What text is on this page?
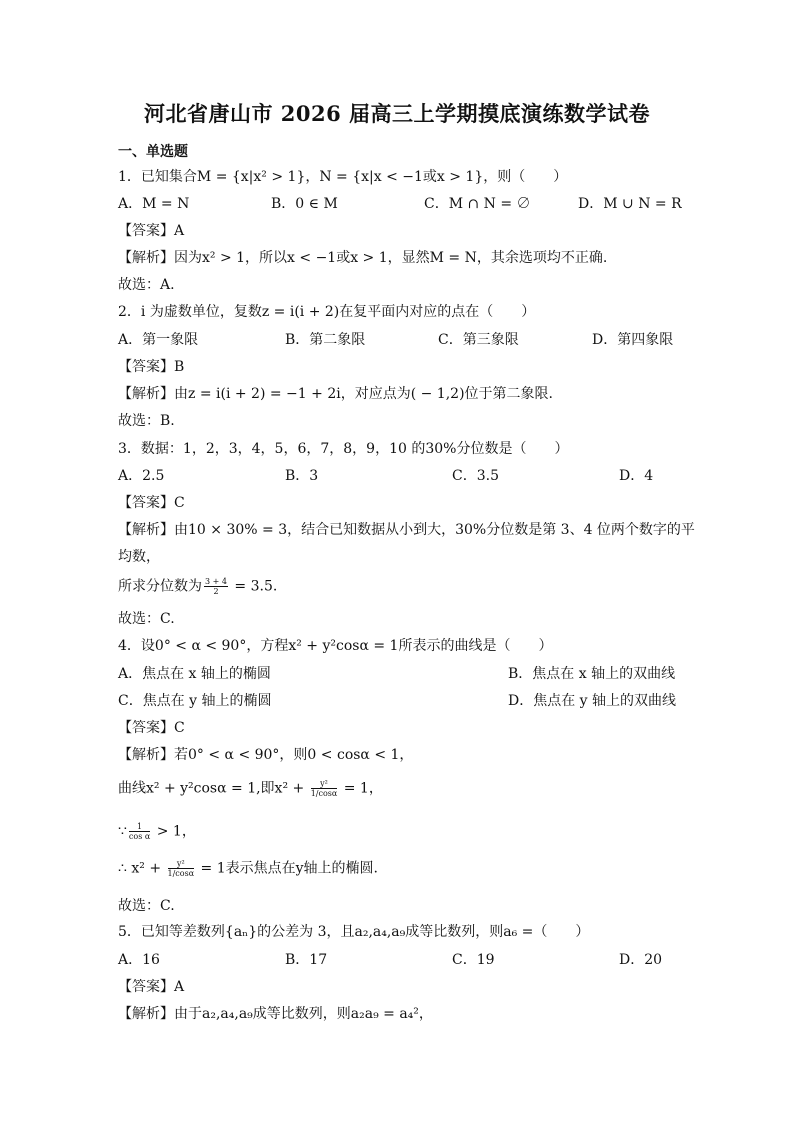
河北省唐山市 2026 届高三上学期摸底演练数学试卷
一、单选题
1．已知集合M = {x|x² > 1}，N = {x|x < −1或x > 1}，则（　　）
A．M = N	B．0 ∈ M	C．M ∩ N = ∅	D．M ∪ N = R
【答案】A
【解析】因为x² > 1，所以x < −1或x > 1，显然M = N，其余选项均不正确.
故选：A.
2．i 为虚数单位，复数z = i(i + 2)在复平面内对应的点在（　　）
A．第一象限	B．第二象限	C．第三象限	D．第四象限
【答案】B
【解析】由z = i(i + 2) = −1 + 2i，对应点为( − 1,2)位于第二象限.
故选：B.
3．数据：1，2，3，4，5，6，7，8，9，10 的30%分位数是（　　）
A．2.5	B．3	C．3.5	D．4
【答案】C
【解析】由10 × 30% = 3，结合已知数据从小到大，30%分位数是第 3、4 位两个数字的平
均数，
所求分位数为 $\frac{3 + 4}{2} = 3.5$.
故选：C.
4．设0° < α < 90°，方程x² + y²cosα = 1所表示的曲线是（　　）
A．焦点在 x 轴上的椭圆	B．焦点在 x 轴上的双曲线
C．焦点在 y 轴上的椭圆	D．焦点在 y 轴上的双曲线
【答案】C
【解析】若0° < α < 90°，则0 < cosα < 1，
曲线x² + y²cosα = 1,即$x^2 + \frac{\text{y²}}{1/\cos\alpha} = 1$，
∵ $\frac{1}{\text{cos α}} > 1$，
∴ $x^2 + \frac{\text{y²}}{1/\cos\alpha} = 1$表示焦点在y轴上的椭圆.
故选：C.
5．已知等差数列{aₙ}的公差为 3，且a₂,a₄,a₉成等比数列，则a₆ =（　　）
A．16	B．17	C．19	D．20
【答案】A
【解析】由于a₂,a₄,a₉成等比数列，则a₂a₉ = a₄²，
